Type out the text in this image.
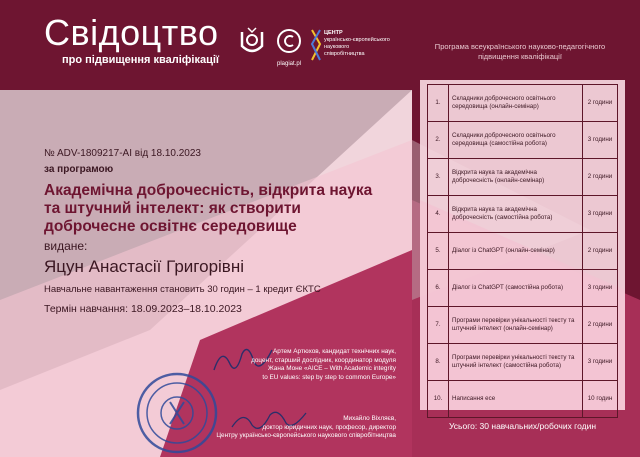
Свідоцтво
про підвищення кваліфікації	plagiat.pl
ЦЕНТР
українсько-європейського
наукового співробітництва
№ ADV-1809217-AI від 18.10.2023
за програмою
Академічна доброчесність, відкрита наука та штучний інтелект: як створити доброчесне освітнє середовище
видане:
Яцун Анастасії Григорівні
Навчальне навантаження становить 30 годин – 1 кредит ЄКТС
Термін навчання: 18.09.2023–18.10.2023
Програма всеукраїнського науково-педагогічного підвищення кваліфікації
1.	Складники доброчесного освітнього середовища (онлайн-семінар)	2 години
2.	Складники доброчесного освітнього середовища (самостійна робота)	3 години
3.	Відкрита наука та академічна доброчесність (онлайн-семінар)	2 години
4.	Відкрита наука та академічна доброчесність (самостійна робота)	3 години
5.	Діалог із ChatGPT (онлайн-семінар)	2 години
6.	Діалог із ChatGPT (самостійна робота)	3 години
7.	Програми перевірки унікальності тексту та штучний інтелект (онлайн-семінар)	2 години
8.	Програми перевірки унікальності тексту та штучний інтелект (самостійна робота)	3 години
10.	Написання есе	10 годин
Усього: 30 навчальних/робочих годин
Артем Артюхов, кандидат технічних наук,
доцент, старший дослідник, координатор модуля
Жана Моне «AICE – With Academic integrity
to EU values: step by step to common Europe»
Михайло Віхляєв,
доктор юридичних наук, професор, директор
Центру українсько-європейського наукового співробітництва
